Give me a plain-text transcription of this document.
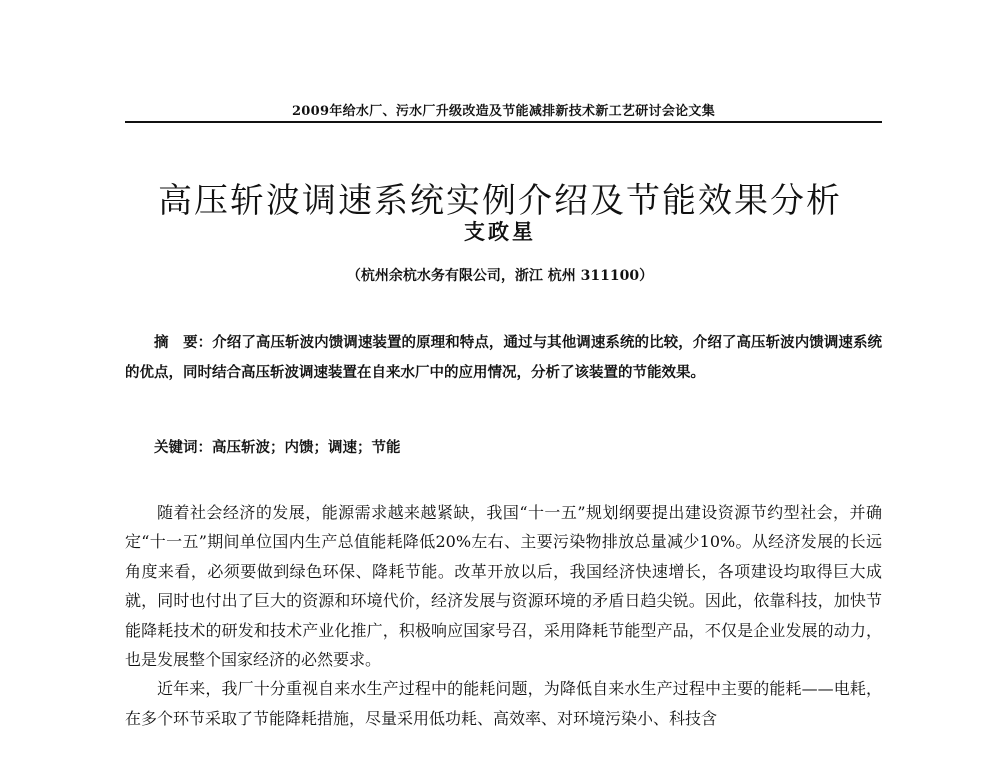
2009年给水厂、污水厂升级改造及节能减排新技术新工艺研讨会论文集
高压斩波调速系统实例介绍及节能效果分析
支政星
（杭州余杭水务有限公司，浙江 杭州 311100）
摘　要：介绍了高压斩波内馈调速装置的原理和特点，通过与其他调速系统的比较，介绍了高压斩波内馈调速系统的优点，同时结合高压斩波调速装置在自来水厂中的应用情况，分析了该装置的节能效果。
关键词：高压斩波；内馈；调速；节能

随着社会经济的发展，能源需求越来越紧缺，我国“十一五”规划纲要提出建设资源节约型社会，并确定“十一五”期间单位国内生产总值能耗降低20%左右、主要污染物排放总量减少10%。从经济发展的长远角度来看，必须要做到绿色环保、降耗节能。改革开放以后，我国经济快速增长，各项建设均取得巨大成就，同时也付出了巨大的资源和环境代价，经济发展与资源环境的矛盾日趋尖锐。因此，依靠科技，加快节能降耗技术的研发和技术产业化推广，积极响应国家号召，采用降耗节能型产品，不仅是企业发展的动力，也是发展整个国家经济的必然要求。

近年来，我厂十分重视自来水生产过程中的能耗问题，为降低自来水生产过程中主要的能耗——电耗，在多个环节采取了节能降耗措施，尽量采用低功耗、高效率、对环境污染小、科技含
